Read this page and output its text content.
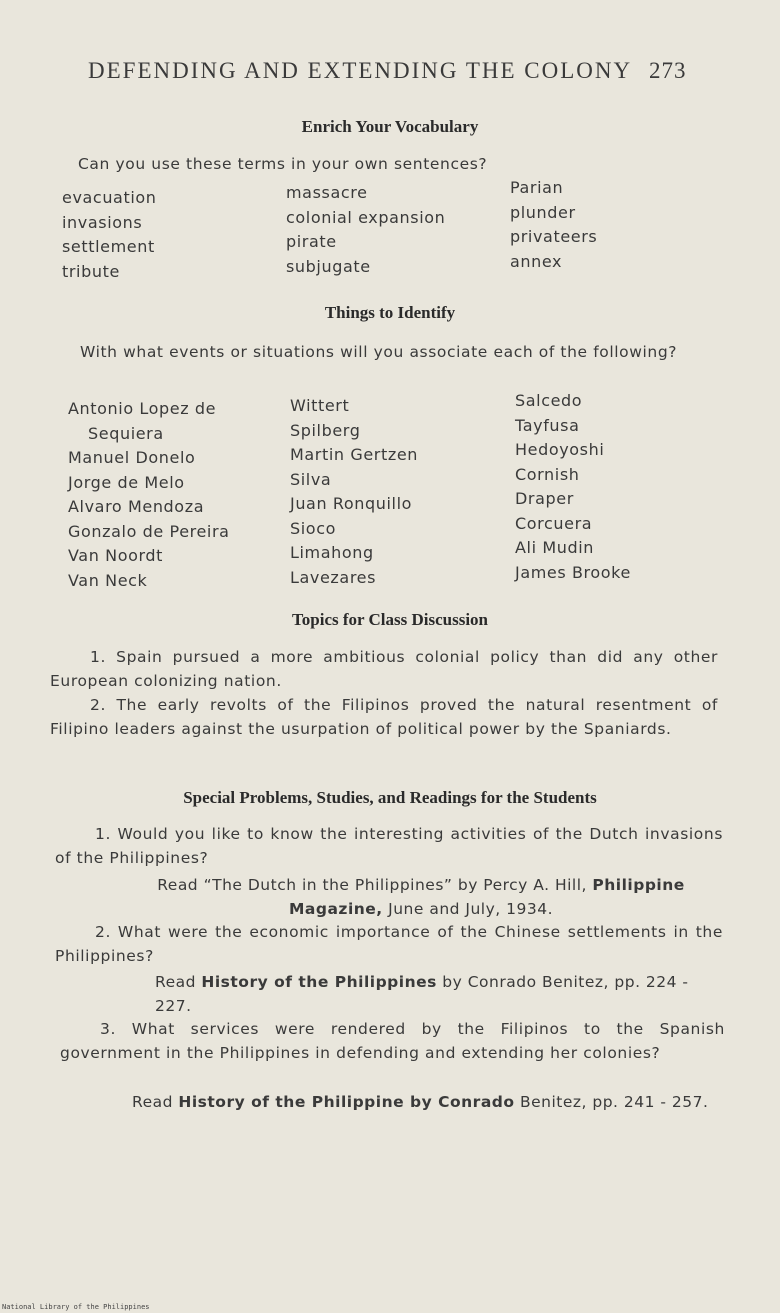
DEFENDING AND EXTENDING THE COLONY 273
Enrich Your Vocabulary
Can you use these terms in your own sentences?
evacuation
invasions
settlement
tribute
massacre
colonial expansion
pirate
subjugate
Parian
plunder
privateers
annex
Things to Identify
With what events or situations will you associate each of the following?
Antonio Lopez de
Sequiera
Manuel Donelo
Jorge de Melo
Alvaro Mendoza
Gonzalo de Pereira
Van Noordt
Van Neck
Wittert
Spilberg
Martin Gertzen
Silva
Juan Ronquillo
Sioco
Limahong
Lavezares
Salcedo
Tayfusa
Hedoyoshi
Cornish
Draper
Corcuera
Ali Mudin
James Brooke
Topics for Class Discussion
1. Spain pursued a more ambitious colonial policy than did any other European colonizing nation.
2. The early revolts of the Filipinos proved the natural resentment of Filipino leaders against the usurpation of political power by the Spaniards.
Special Problems, Studies, and Readings for the Students
1. Would you like to know the interesting activities of the Dutch invasions of the Philippines?
Read “The Dutch in the Philippines” by Percy A. Hill, Philippine Magazine, June and July, 1934.
2. What were the economic importance of the Chinese settlements in the Philippines?
Read History of the Philippines by Conrado Benitez, pp. 224 - 227.
3. What services were rendered by the Filipinos to the Spanish government in the Philippines in defending and extending her colonies?
Read History of the Philippine by Conrado Benitez, pp. 241 - 257.
National Library of the Philippines
